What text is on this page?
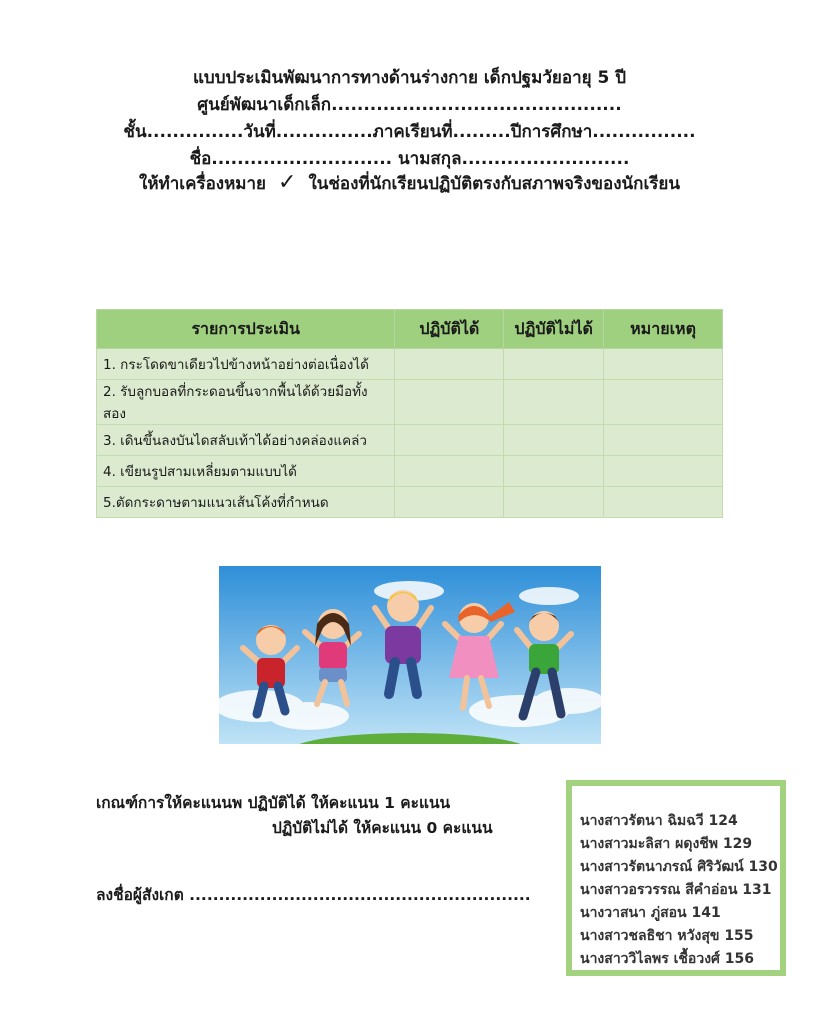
แบบประเมินพัฒนาการทางด้านร่างกาย เด็กปฐมวัยอายุ 5 ปี
ศูนย์พัฒนาเด็กเล็ก.............................................
ชั้น...............วันที่...............ภาคเรียนที่.........ปีการศึกษา................
ชื่อ............................ นามสกุล..........................
ให้ทำเครื่องหมาย ✓ ในช่องที่นักเรียนปฏิบัติตรงกับสภาพจริงของนักเรียน
รายการประเมิน	ปฏิบัติได้	ปฏิบัติไม่ได้	หมายเหตุ
1. กระโดดขาเดียวไปข้างหน้าอย่างต่อเนื่องได้			
2. รับลูกบอลที่กระดอนขึ้นจากพื้นได้ด้วยมือทั้งสอง			
3. เดินขึ้นลงบันไดสลับเท้าได้อย่างคล่องแคล่ว			
4. เขียนรูปสามเหลี่ยมตามแบบได้			
5.ตัดกระดาษตามแนวเส้นโค้งที่กำหนด			
เกณฑ์การให้คะแนนพ ปฏิบัติได้ ให้คะแนน 1 คะแนน
ปฏิบัติไม่ได้ ให้คะแนน 0 คะแนน
ลงชื่อผู้สังเกต ..........................................................
นางสาวรัตนา ฉิมฉวี 124
นางสาวมะลิสา ผดุงชีพ 129
นางสาวรัตนาภรณ์ ศิริวัฒน์ 130
นางสาวอรวรรณ สีคำอ่อน 131
นางวาสนา ภู่สอน 141
นางสาวชลธิชา หวังสุข 155
นางสาววิไลพร เชื้อวงศ์ 156
